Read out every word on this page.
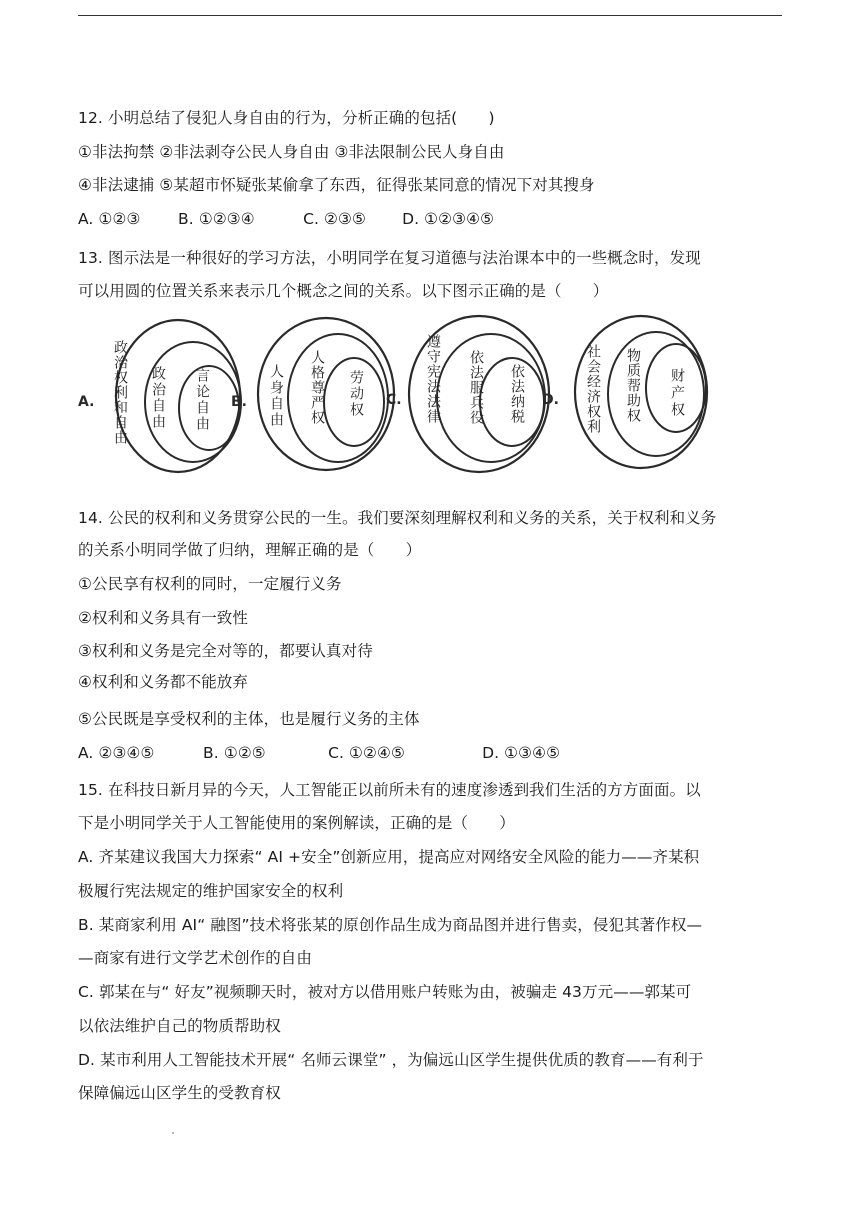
12. 小明总结了侵犯人身自由的行为，分析正确的包括(　　)
①非法拘禁 ②非法剥夺公民人身自由 ③非法限制公民人身自由
④非法逮捕 ⑤某超市怀疑张某偷拿了东西，征得张某同意的情况下对其搜身
A. ①②③ B. ①②③④	C. ②③⑤ D. ①②③④⑤
13. 图示法是一种很好的学习方法，小明同学在复习道德与法治课本中的一些概念时，发现
可以用圆的位置关系来表示几个概念之间的关系。以下图示正确的是（　　）
A. 政治权利和自由 政治自由 言论自由 B. 人身自由 人格尊严权 劳动权 C. 遵守宪法法律 依法服兵役 依法纳税 D. 社会经济权利 物质帮助权 财产权
14. 公民的权利和义务贯穿公民的一生。我们要深刻理解权利和义务的关系，关于权利和义务
的关系小明同学做了归纳，理解正确的是（　　）
①公民享有权利的同时，一定履行义务
②权利和义务具有一致性
③权利和义务是完全对等的，都要认真对待
④权利和义务都不能放弃
⑤公民既是享受权利的主体，也是履行义务的主体
A. ②③④⑤	B. ①②⑤	C. ①②④⑤	D. ①③④⑤
15. 在科技日新月异的今天，人工智能正以前所未有的速度渗透到我们生活的方方面面。以
下是小明同学关于人工智能使用的案例解读，正确的是（　　）
A. 齐某建议我国大力探索“ AI +安全”创新应用，提高应对网络安全风险的能力——齐某积
极履行宪法规定的维护国家安全的权利
B. 某商家利用 AI“ 融图”技术将张某的原创作品生成为商品图并进行售卖，侵犯其著作权—
—商家有进行文学艺术创作的自由
C. 郭某在与“ 好友”视频聊天时，被对方以借用账户转账为由，被骗走 43万元——郭某可
以依法维护自己的物质帮助权
D. 某市利用人工智能技术开展“ 名师云课堂” ，为偏远山区学生提供优质的教育——有利于
保障偏远山区学生的受教育权
